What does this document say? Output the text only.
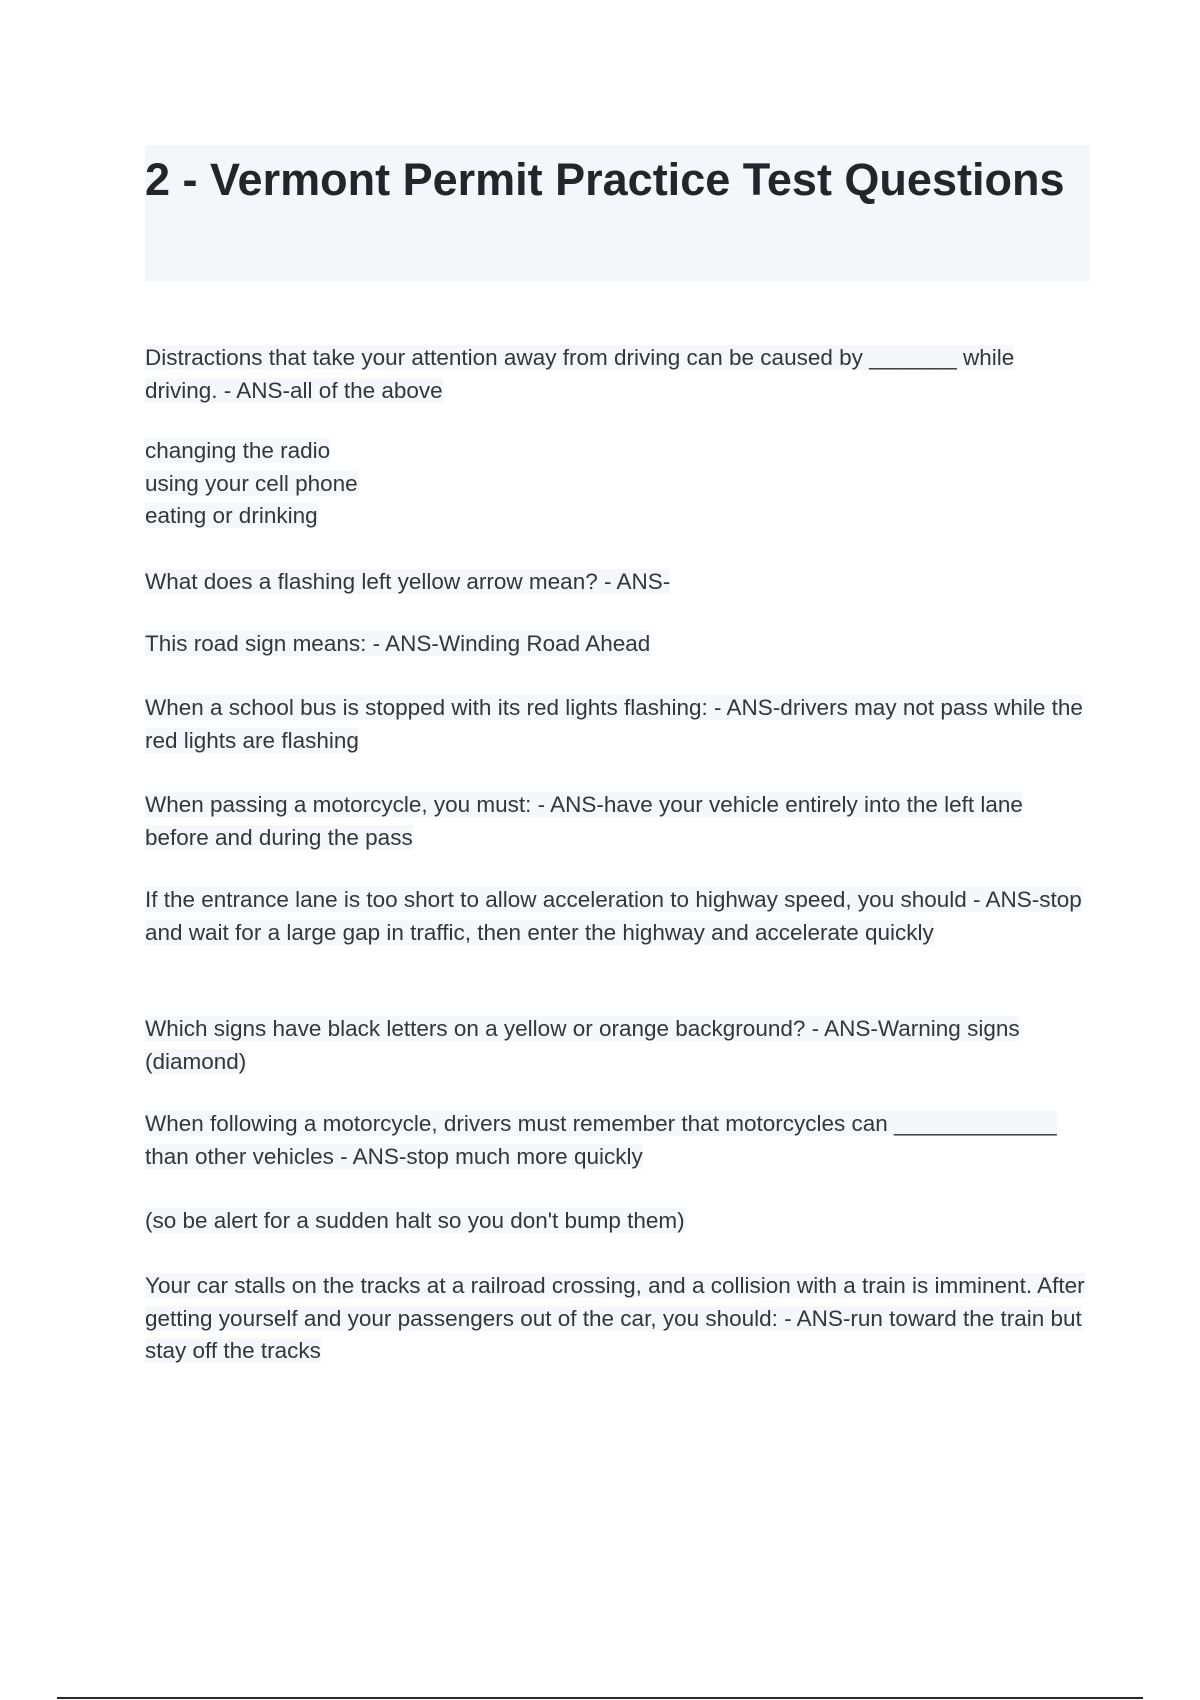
2 - Vermont Permit Practice Test Questions

Distractions that take your attention away from driving can be caused by _______ while driving. - ANS-all of the above

changing the radio
using your cell phone
eating or drinking

What does a flashing left yellow arrow mean? - ANS-

This road sign means: - ANS-Winding Road Ahead

When a school bus is stopped with its red lights flashing: - ANS-drivers may not pass while the red lights are flashing

When passing a motorcycle, you must: - ANS-have your vehicle entirely into the left lane before and during the pass

If the entrance lane is too short to allow acceleration to highway speed, you should - ANS-stop and wait for a large gap in traffic, then enter the highway and accelerate quickly

Which signs have black letters on a yellow or orange background? - ANS-Warning signs (diamond)

When following a motorcycle, drivers must remember that motorcycles can _____________ than other vehicles - ANS-stop much more quickly

(so be alert for a sudden halt so you don't bump them)

Your car stalls on the tracks at a railroad crossing, and a collision with a train is imminent. After getting yourself and your passengers out of the car, you should: - ANS-run toward the train but stay off the tracks
